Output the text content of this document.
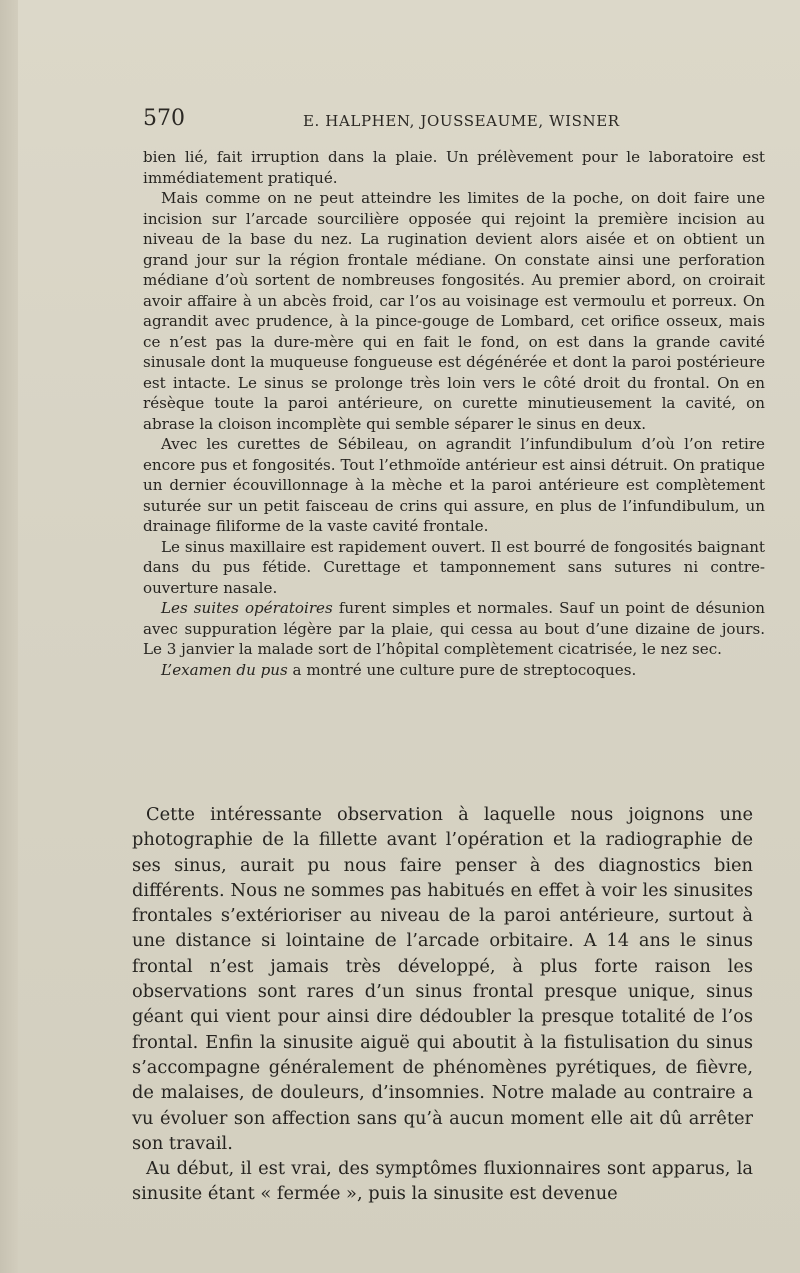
570	E. HALPHEN, JOUSSEAUME, WISNER

bien lié, fait irruption dans la plaie. Un prélèvement pour le laboratoire est immédiatement pratiqué.

Mais comme on ne peut atteindre les limites de la poche, on doit faire une incision sur l’arcade sourcilière opposée qui rejoint la première incision au niveau de la base du nez. La rugination devient alors aisée et on obtient un grand jour sur la région frontale médiane. On constate ainsi une perforation médiane d’où sortent de nombreuses fongosités. Au premier abord, on croirait avoir affaire à un abcès froid, car l’os au voisinage est vermoulu et porreux. On agrandit avec prudence, à la pince-gouge de Lombard, cet orifice osseux, mais ce n’est pas la dure-mère qui en fait le fond, on est dans la grande cavité sinusale dont la muqueuse fongueuse est dégénérée et dont la paroi postérieure est intacte. Le sinus se prolonge très loin vers le côté droit du frontal. On en résèque toute la paroi antérieure, on curette minutieusement la cavité, on abrase la cloison incomplète qui semble séparer le sinus en deux.

Avec les curettes de Sébileau, on agrandit l’infundibulum d’où l’on retire encore pus et fongosités. Tout l’ethmoïde antérieur est ainsi détruit. On pratique un dernier écouvillonnage à la mèche et la paroi antérieure est complètement suturée sur un petit faisceau de crins qui assure, en plus de l’infundibulum, un drainage filiforme de la vaste cavité frontale.

Le sinus maxillaire est rapidement ouvert. Il est bourré de fongosités baignant dans du pus fétide. Curettage et tamponnement sans sutures ni contre-ouverture nasale.

Les suites opératoires furent simples et normales. Sauf un point de désunion avec suppuration légère par la plaie, qui cessa au bout d’une dizaine de jours. Le 3 janvier la malade sort de l’hôpital complètement cicatrisée, le nez sec.

L’examen du pus a montré une culture pure de streptocoques.

Cette intéressante observation à laquelle nous joignons une photographie de la fillette avant l’opération et la radiographie de ses sinus, aurait pu nous faire penser à des diagnostics bien différents. Nous ne sommes pas habitués en effet à voir les sinusites frontales s’extérioriser au niveau de la paroi antérieure, surtout à une distance si lointaine de l’arcade orbitaire. A 14 ans le sinus frontal n’est jamais très développé, à plus forte raison les observations sont rares d’un sinus frontal presque unique, sinus géant qui vient pour ainsi dire dédoubler la presque totalité de l’os frontal. Enfin la sinusite aiguë qui aboutit à la fistulisation du sinus s’accompagne généralement de phénomènes pyrétiques, de fièvre, de malaises, de douleurs, d’insomnies. Notre malade au contraire a vu évoluer son affection sans qu’à aucun moment elle ait dû arrêter son travail.

Au début, il est vrai, des symptômes fluxionnaires sont apparus, la sinusite étant « fermée », puis la sinusite est devenue
